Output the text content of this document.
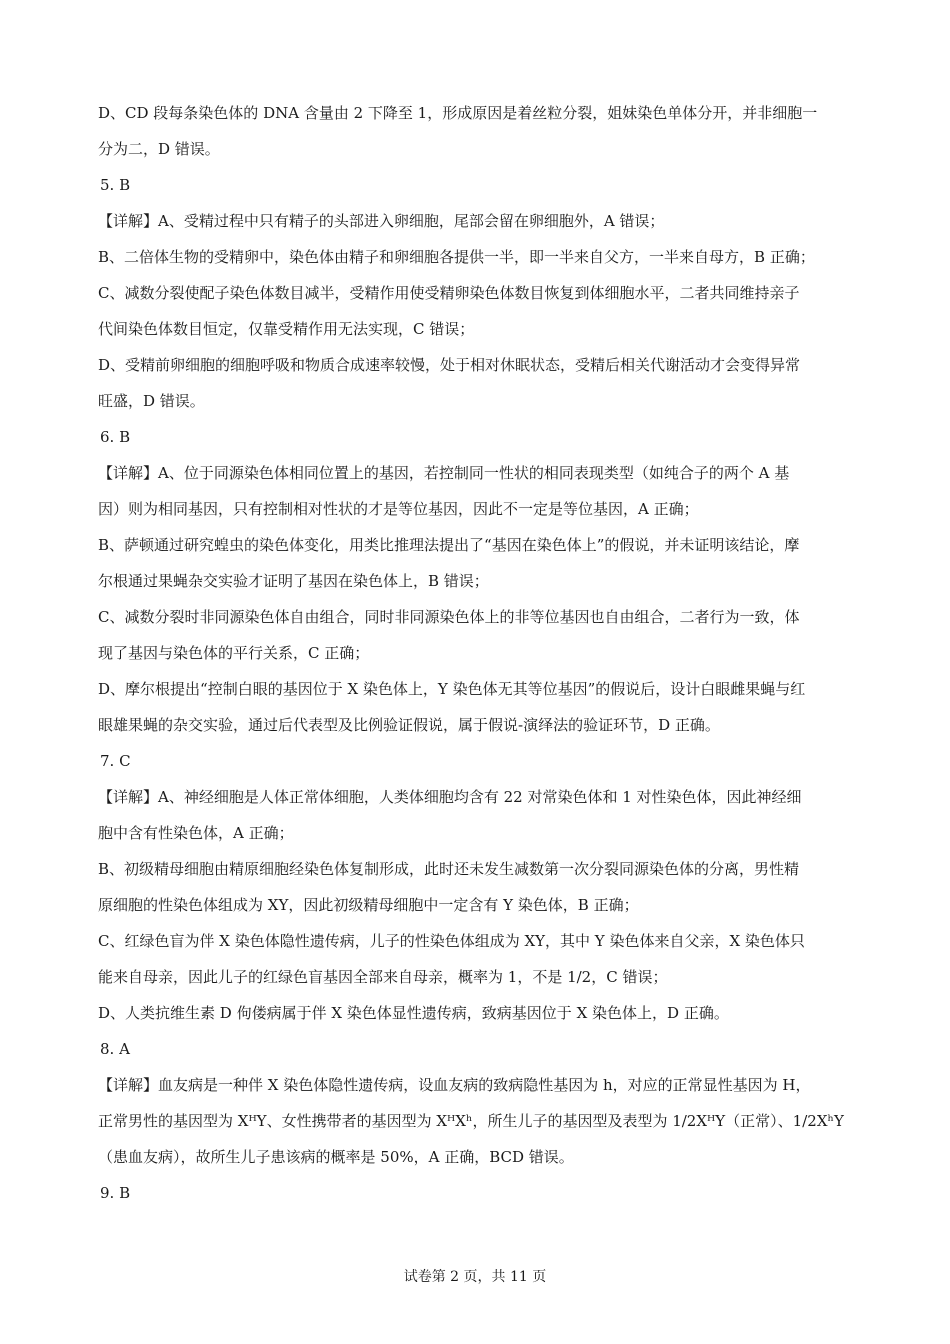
D、CD 段每条染色体的 DNA 含量由 2 下降至 1，形成原因是着丝粒分裂，姐妹染色单体分开，并非细胞一
分为二，D 错误。
5. B
【详解】A、受精过程中只有精子的头部进入卵细胞，尾部会留在卵细胞外，A 错误；
B、二倍体生物的受精卵中，染色体由精子和卵细胞各提供一半，即一半来自父方，一半来自母方，B 正确；
C、减数分裂使配子染色体数目减半，受精作用使受精卵染色体数目恢复到体细胞水平，二者共同维持亲子
代间染色体数目恒定，仅靠受精作用无法实现，C 错误；
D、受精前卵细胞的细胞呼吸和物质合成速率较慢，处于相对休眠状态，受精后相关代谢活动才会变得异常
旺盛，D 错误。
6. B
【详解】A、位于同源染色体相同位置上的基因，若控制同一性状的相同表现类型（如纯合子的两个 A 基
因）则为相同基因，只有控制相对性状的才是等位基因，因此不一定是等位基因，A 正确；
B、萨顿通过研究蝗虫的染色体变化，用类比推理法提出了“基因在染色体上”的假说，并未证明该结论，摩
尔根通过果蝇杂交实验才证明了基因在染色体上，B 错误；
C、减数分裂时非同源染色体自由组合，同时非同源染色体上的非等位基因也自由组合，二者行为一致，体
现了基因与染色体的平行关系，C 正确；
D、摩尔根提出“控制白眼的基因位于 X 染色体上，Y 染色体无其等位基因”的假说后，设计白眼雌果蝇与红
眼雄果蝇的杂交实验，通过后代表型及比例验证假说，属于假说-演绎法的验证环节，D 正确。
7. C
【详解】A、神经细胞是人体正常体细胞，人类体细胞均含有 22 对常染色体和 1 对性染色体，因此神经细
胞中含有性染色体，A 正确；
B、初级精母细胞由精原细胞经染色体复制形成，此时还未发生减数第一次分裂同源染色体的分离，男性精
原细胞的性染色体组成为 XY，因此初级精母细胞中一定含有 Y 染色体，B 正确；
C、红绿色盲为伴 X 染色体隐性遗传病，儿子的性染色体组成为 XY，其中 Y 染色体来自父亲，X 染色体只
能来自母亲，因此儿子的红绿色盲基因全部来自母亲，概率为 1，不是 1/2，C 错误；
D、人类抗维生素 D 佝偻病属于伴 X 染色体显性遗传病，致病基因位于 X 染色体上，D 正确。
8. A
【详解】血友病是一种伴 X 染色体隐性遗传病，设血友病的致病隐性基因为 h，对应的正常显性基因为 H，
正常男性的基因型为 XᴴY、女性携带者的基因型为 XᴴXʰ，所生儿子的基因型及表型为 1/2XᴴY（正常）、1/2XʰY
（患血友病），故所生儿子患该病的概率是 50%，A 正确，BCD 错误。
9. B
试卷第 2 页，共 11 页
